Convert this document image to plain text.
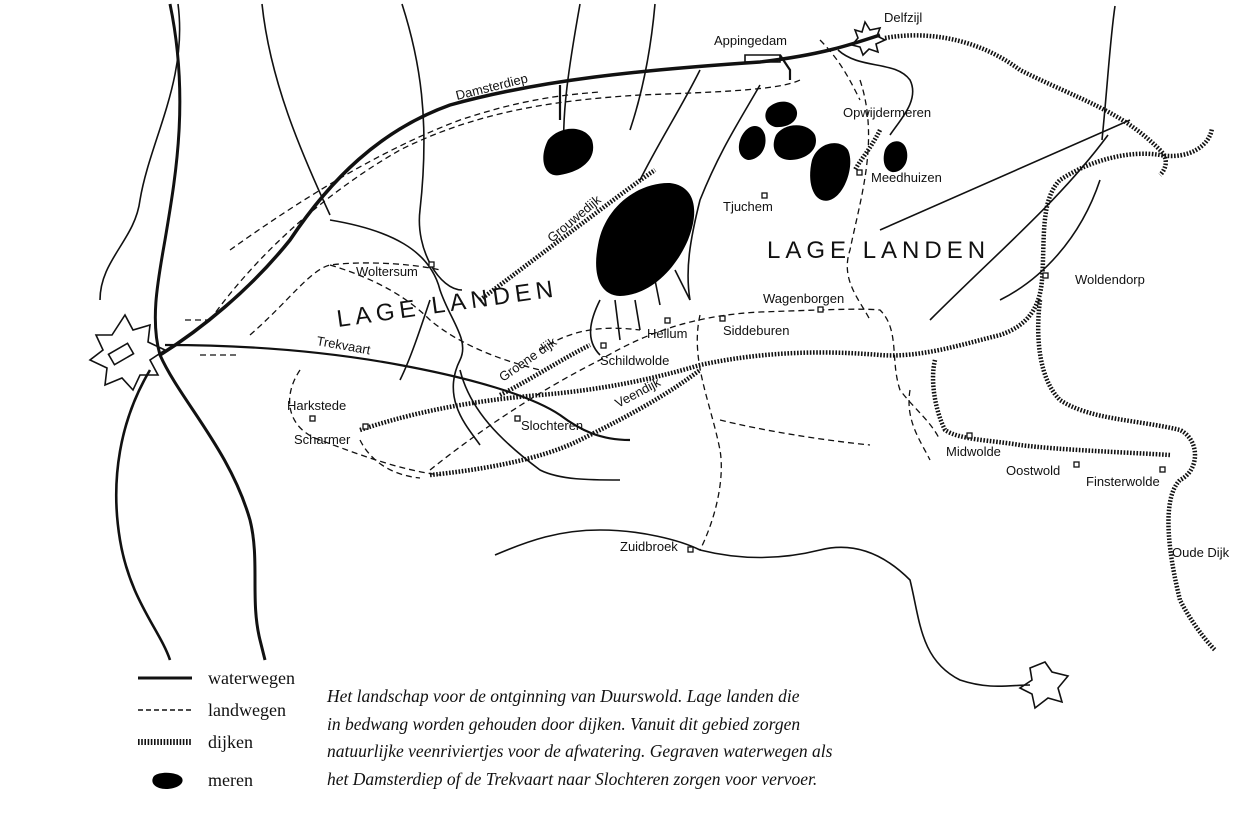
Delfzijl
Appingedam
Damsterdiep
Opwijdermeren
Meedhuizen
Tjuchem
Woldendorp
Wagenborgen
Woltersum
Hellum	Siddeburen
Schildwolde
Harkstede
Scharmer
Slochteren
Midwolde
Oostwold
Finsterwolde
Oude Dijk
Zuidbroek
Trekvaart
Grouwedijk
Groene dijk
Veendijk
LAGE LANDEN
LAGE LANDEN
waterwegen
landwegen
dijken
meren
Het landschap voor de ontginning van Duurswold. Lage landen die
in bedwang worden gehouden door dijken. Vanuit dit gebied zorgen
natuurlijke veenriviertjes voor de afwatering. Gegraven waterwegen als
het Damsterdiep of de Trekvaart naar Slochteren zorgen voor vervoer.
